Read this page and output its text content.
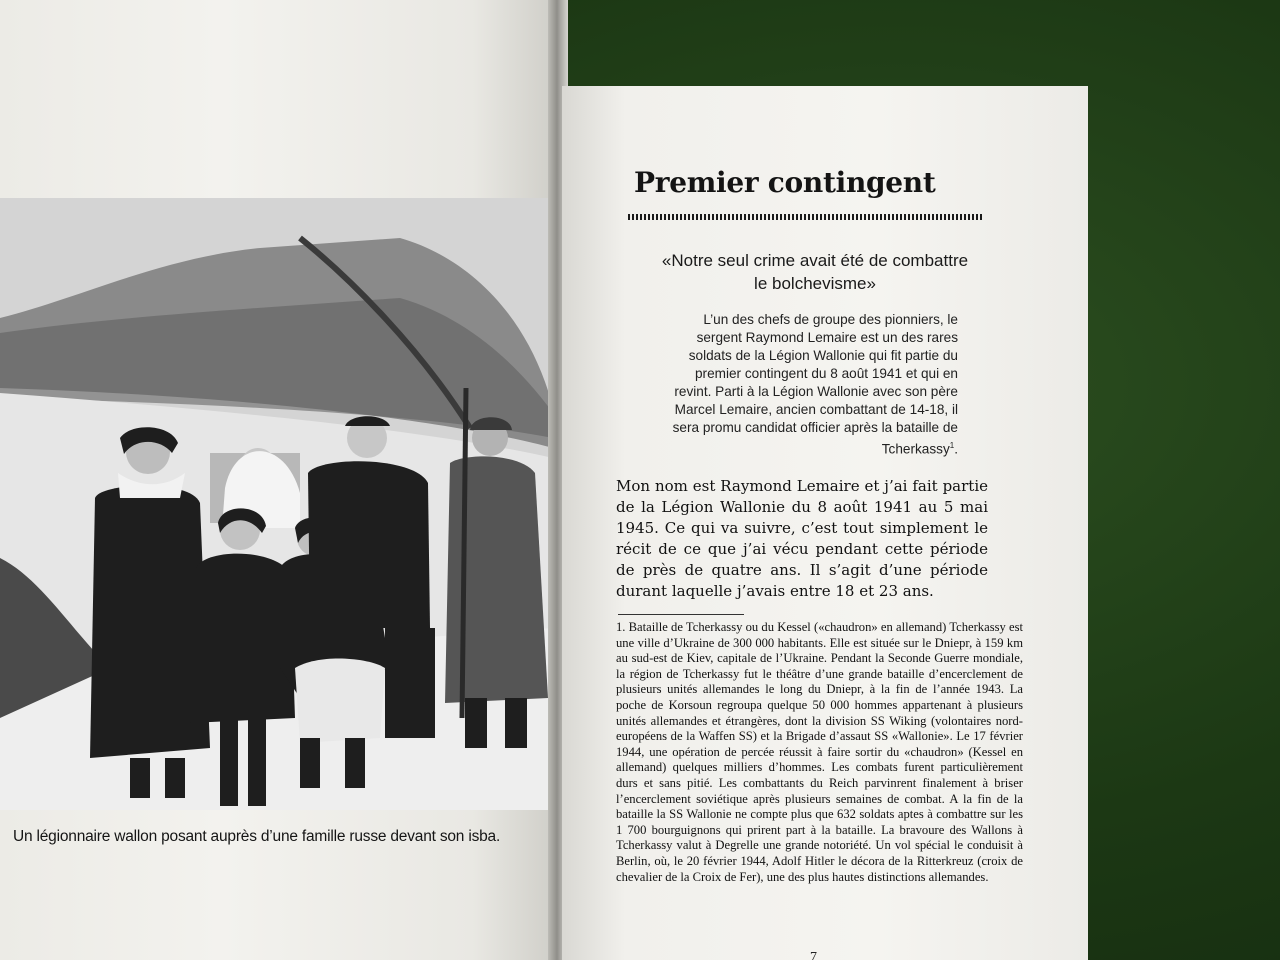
Un légionnaire wallon posant auprès d’une famille russe devant son isba.
Premier contingent
«Notre seul crime avait été de combattre le bolchevisme»
L’un des chefs de groupe des pionniers, le sergent Raymond Lemaire est un des rares soldats de la Légion Wallonie qui fit partie du premier contingent du 8 août 1941 et qui en revint. Parti à la Légion Wallonie avec son père Marcel Lemaire, ancien combattant de 14-18, il sera promu candidat officier après la bataille de Tcherkassy$^1$.
Mon nom est Raymond Lemaire et j’ai fait partie de la Légion Wallonie du 8 août 1941 au 5 mai 1945. Ce qui va suivre, c’est tout simplement le récit de ce que j’ai vécu pendant cette période de près de quatre ans. Il s’agit d’une période durant laquelle j’avais entre 18 et 23 ans.
1. Bataille de Tcherkassy ou du Kessel («chaudron» en allemand) Tcherkassy est une ville d’Ukraine de 300 000 habitants. Elle est située sur le Dniepr, à 159 km au sud-est de Kiev, capitale de l’Ukraine. Pendant la Seconde Guerre mondiale, la région de Tcherkassy fut le théâtre d’une grande bataille d’encerclement de plusieurs unités allemandes le long du Dniepr, à la fin de l’année 1943. La poche de Korsoun regroupa quelque 50 000 hommes appartenant à plusieurs unités allemandes et étrangères, dont la division SS Wiking (volontaires nord-européens de la Waffen SS) et la Brigade d’assaut SS «Wallonie». Le 17 février 1944, une opération de percée réussit à faire sortir du «chaudron» (Kessel en allemand) quelques milliers d’hommes. Les combats furent particulièrement durs et sans pitié. Les combattants du Reich parvinrent finalement à briser l’encerclement soviétique après plusieurs semaines de combat. A la fin de la bataille la SS Wallonie ne compte plus que 632 soldats aptes à combattre sur les 1 700 bourguignons qui prirent part à la bataille. La bravoure des Wallons à Tcherkassy valut à Degrelle une grande notoriété. Un vol spécial le conduisit à Berlin, où, le 20 février 1944, Adolf Hitler le décora de la Ritterkreuz (croix de chevalier de la Croix de Fer), une des plus hautes distinctions allemandes.
7
